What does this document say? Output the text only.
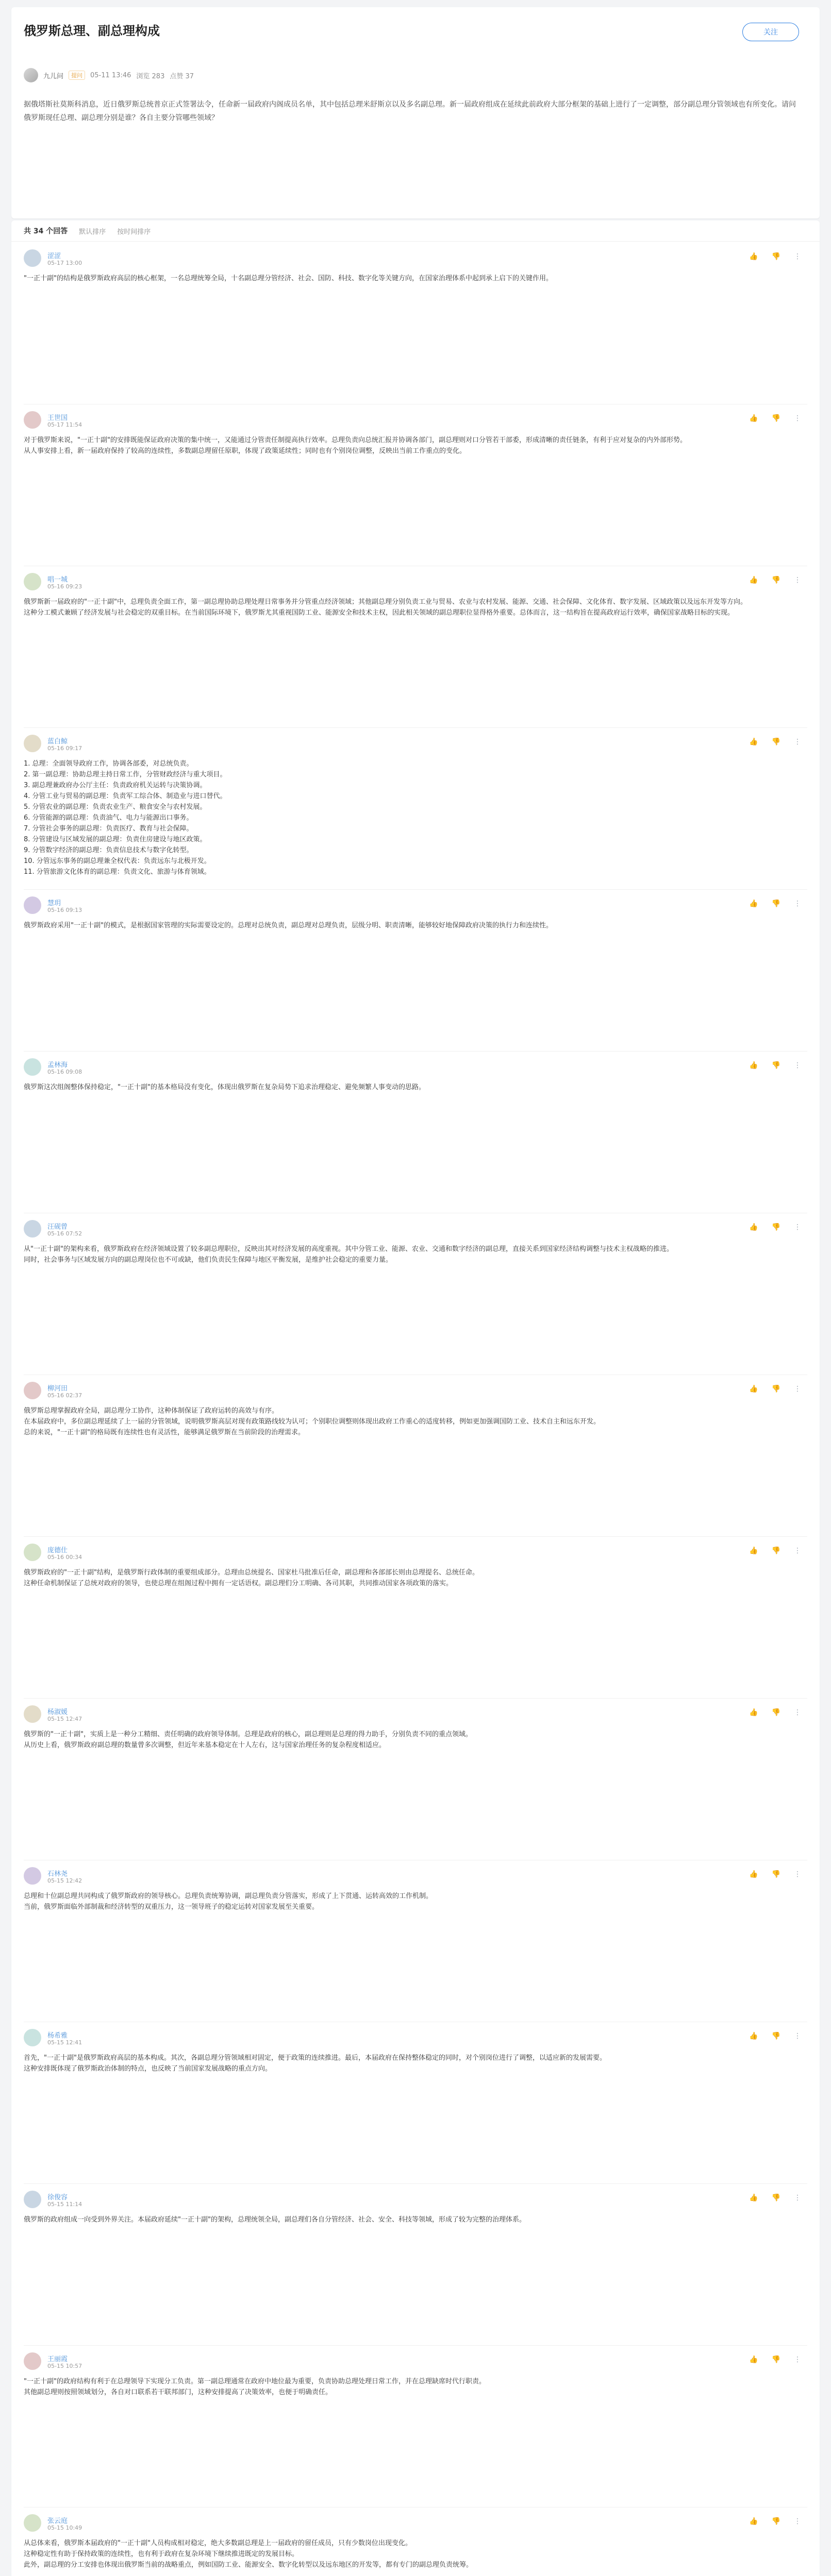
俄罗斯总理、副总理构成	关注
九儿问	提问	05-11 13:46 浏览 283 点赞 37
据俄塔斯社莫斯科消息，近日俄罗斯总统普京正式签署法令，任命新一届政府内阁成员名单，其中包括总理米舒斯京以及多名副总理。新一届政府组成在延续此前政府大部分框架的基础上进行了一定调整，部分副总理分管领域也有所变化。请问俄罗斯现任总理、副总理分别是谁？各自主要分管哪些领域？
共 34 个回答 默认排序 按时间排序
涩涩
05-17 13:00
👍 👎 ⋮
"一正十副"的结构是俄罗斯政府高层的核心框架，一名总理统筹全局，十名副总理分管经济、社会、国防、科技、数字化等关键方向，在国家治理体系中起到承上启下的关键作用。
王世国
05-17 11:54
👍 👎 ⋮
对于俄罗斯来说，"一正十副"的安排既能保证政府决策的集中统一，又能通过分管责任制提高执行效率。总理负责向总统汇报并协调各部门，副总理则对口分管若干部委，形成清晰的责任链条，有利于应对复杂的内外部形势。
从人事安排上看，新一届政府保持了较高的连续性，多数副总理留任原职，体现了政策延续性；同时也有个别岗位调整，反映出当前工作重点的变化。
唱一城
05-16 09:23
👍 👎 ⋮
俄罗斯新一届政府的"一正十副"中，总理负责全面工作，第一副总理协助总理处理日常事务并分管重点经济领域；其他副总理分别负责工业与贸易、农业与农村发展、能源、交通、社会保障、文化体育、数字发展、区域政策以及远东开发等方向。
这种分工模式兼顾了经济发展与社会稳定的双重目标。在当前国际环境下，俄罗斯尤其重视国防工业、能源安全和技术主权，因此相关领域的副总理职位显得格外重要。总体而言，这一结构旨在提高政府运行效率，确保国家战略目标的实现。
蓝白鲸
05-16 09:17
👍 👎 ⋮
1. 总理：全面领导政府工作，协调各部委，对总统负责。
2. 第一副总理：协助总理主持日常工作，分管财政经济与重大项目。
3. 副总理兼政府办公厅主任：负责政府机关运转与决策协调。
4. 分管工业与贸易的副总理：负责军工综合体、制造业与进口替代。
5. 分管农业的副总理：负责农业生产、粮食安全与农村发展。
6. 分管能源的副总理：负责油气、电力与能源出口事务。
7. 分管社会事务的副总理：负责医疗、教育与社会保障。
8. 分管建设与区域发展的副总理：负责住房建设与地区政策。
9. 分管数字经济的副总理：负责信息技术与数字化转型。
10. 分管远东事务的副总理兼全权代表：负责远东与北极开发。
11. 分管旅游文化体育的副总理：负责文化、旅游与体育领域。
慧玥
05-16 09:13
👍 👎 ⋮
俄罗斯政府采用"一正十副"的模式，是根据国家管理的实际需要设定的。总理对总统负责，副总理对总理负责，层级分明、职责清晰，能够较好地保障政府决策的执行力和连续性。
孟林海
05-16 09:08
👍 👎 ⋮
俄罗斯这次组阁整体保持稳定，"一正十副"的基本格局没有变化，体现出俄罗斯在复杂局势下追求治理稳定、避免频繁人事变动的思路。
汪砚曾
05-16 07:52
👍 👎 ⋮
从"一正十副"的架构来看，俄罗斯政府在经济领域设置了较多副总理职位，反映出其对经济发展的高度重视。其中分管工业、能源、农业、交通和数字经济的副总理，直接关系到国家经济结构调整与技术主权战略的推进。
同时，社会事务与区域发展方向的副总理岗位也不可或缺，他们负责民生保障与地区平衡发展，是维护社会稳定的重要力量。
柳河田
05-16 02:37
👍 👎 ⋮
俄罗斯总理掌握政府全局，副总理分工协作，这种体制保证了政府运转的高效与有序。
在本届政府中，多位副总理延续了上一届的分管领域，说明俄罗斯高层对现有政策路线较为认可；个别职位调整则体现出政府工作重心的适度转移，例如更加强调国防工业、技术自主和远东开发。
总的来说，"一正十副"的格局既有连续性也有灵活性，能够满足俄罗斯在当前阶段的治理需求。
庞德仕
05-16 00:34
👍 👎 ⋮
俄罗斯政府的"一正十副"结构，是俄罗斯行政体制的重要组成部分。总理由总统提名、国家杜马批准后任命，副总理和各部部长则由总理提名、总统任命。
这种任命机制保证了总统对政府的领导，也使总理在组阁过程中拥有一定话语权。副总理们分工明确、各司其职，共同推动国家各项政策的落实。
杨淑媛
05-15 12:47
👍 👎 ⋮
俄罗斯的"一正十副"，实质上是一种分工精细、责任明确的政府领导体制。总理是政府的核心，副总理则是总理的得力助手，分别负责不同的重点领域。
从历史上看，俄罗斯政府副总理的数量曾多次调整，但近年来基本稳定在十人左右，这与国家治理任务的复杂程度相适应。
石林尧
05-15 12:42
👍 👎 ⋮
总理和十位副总理共同构成了俄罗斯政府的领导核心。总理负责统筹协调，副总理负责分管落实，形成了上下贯通、运转高效的工作机制。
当前，俄罗斯面临外部制裁和经济转型的双重压力，这一领导班子的稳定运转对国家发展至关重要。
杨希雅
05-15 12:41
👍 👎 ⋮
首先，"一正十副"是俄罗斯政府高层的基本构成。其次，各副总理分管领域相对固定，便于政策的连续推进。最后，本届政府在保持整体稳定的同时，对个别岗位进行了调整，以适应新的发展需要。
这种安排既体现了俄罗斯政治体制的特点，也反映了当前国家发展战略的重点方向。
徐俊容
05-15 11:14
👍 👎 ⋮
俄罗斯的政府组成一向受到外界关注。本届政府延续"一正十副"的架构，总理统领全局，副总理们各自分管经济、社会、安全、科技等领域，形成了较为完整的治理体系。
王丽霞
05-15 10:57
👍 👎 ⋮
"一正十副"的政府结构有利于在总理领导下实现分工负责。第一副总理通常在政府中地位最为重要，负责协助总理处理日常工作，并在总理缺席时代行职责。
其他副总理则按照领域划分，各自对口联系若干联邦部门，这种安排提高了决策效率，也便于明确责任。
张云庭
05-15 10:49
👍 👎 ⋮
从总体来看，俄罗斯本届政府的"一正十副"人员构成相对稳定，绝大多数副总理是上一届政府的留任成员，只有少数岗位出现变化。
这种稳定性有助于保持政策的连续性，也有利于政府在复杂环境下继续推进既定的发展目标。
此外，副总理的分工安排也体现出俄罗斯当前的战略重点，例如国防工业、能源安全、数字化转型以及远东地区的开发等，都有专门的副总理负责统筹。
